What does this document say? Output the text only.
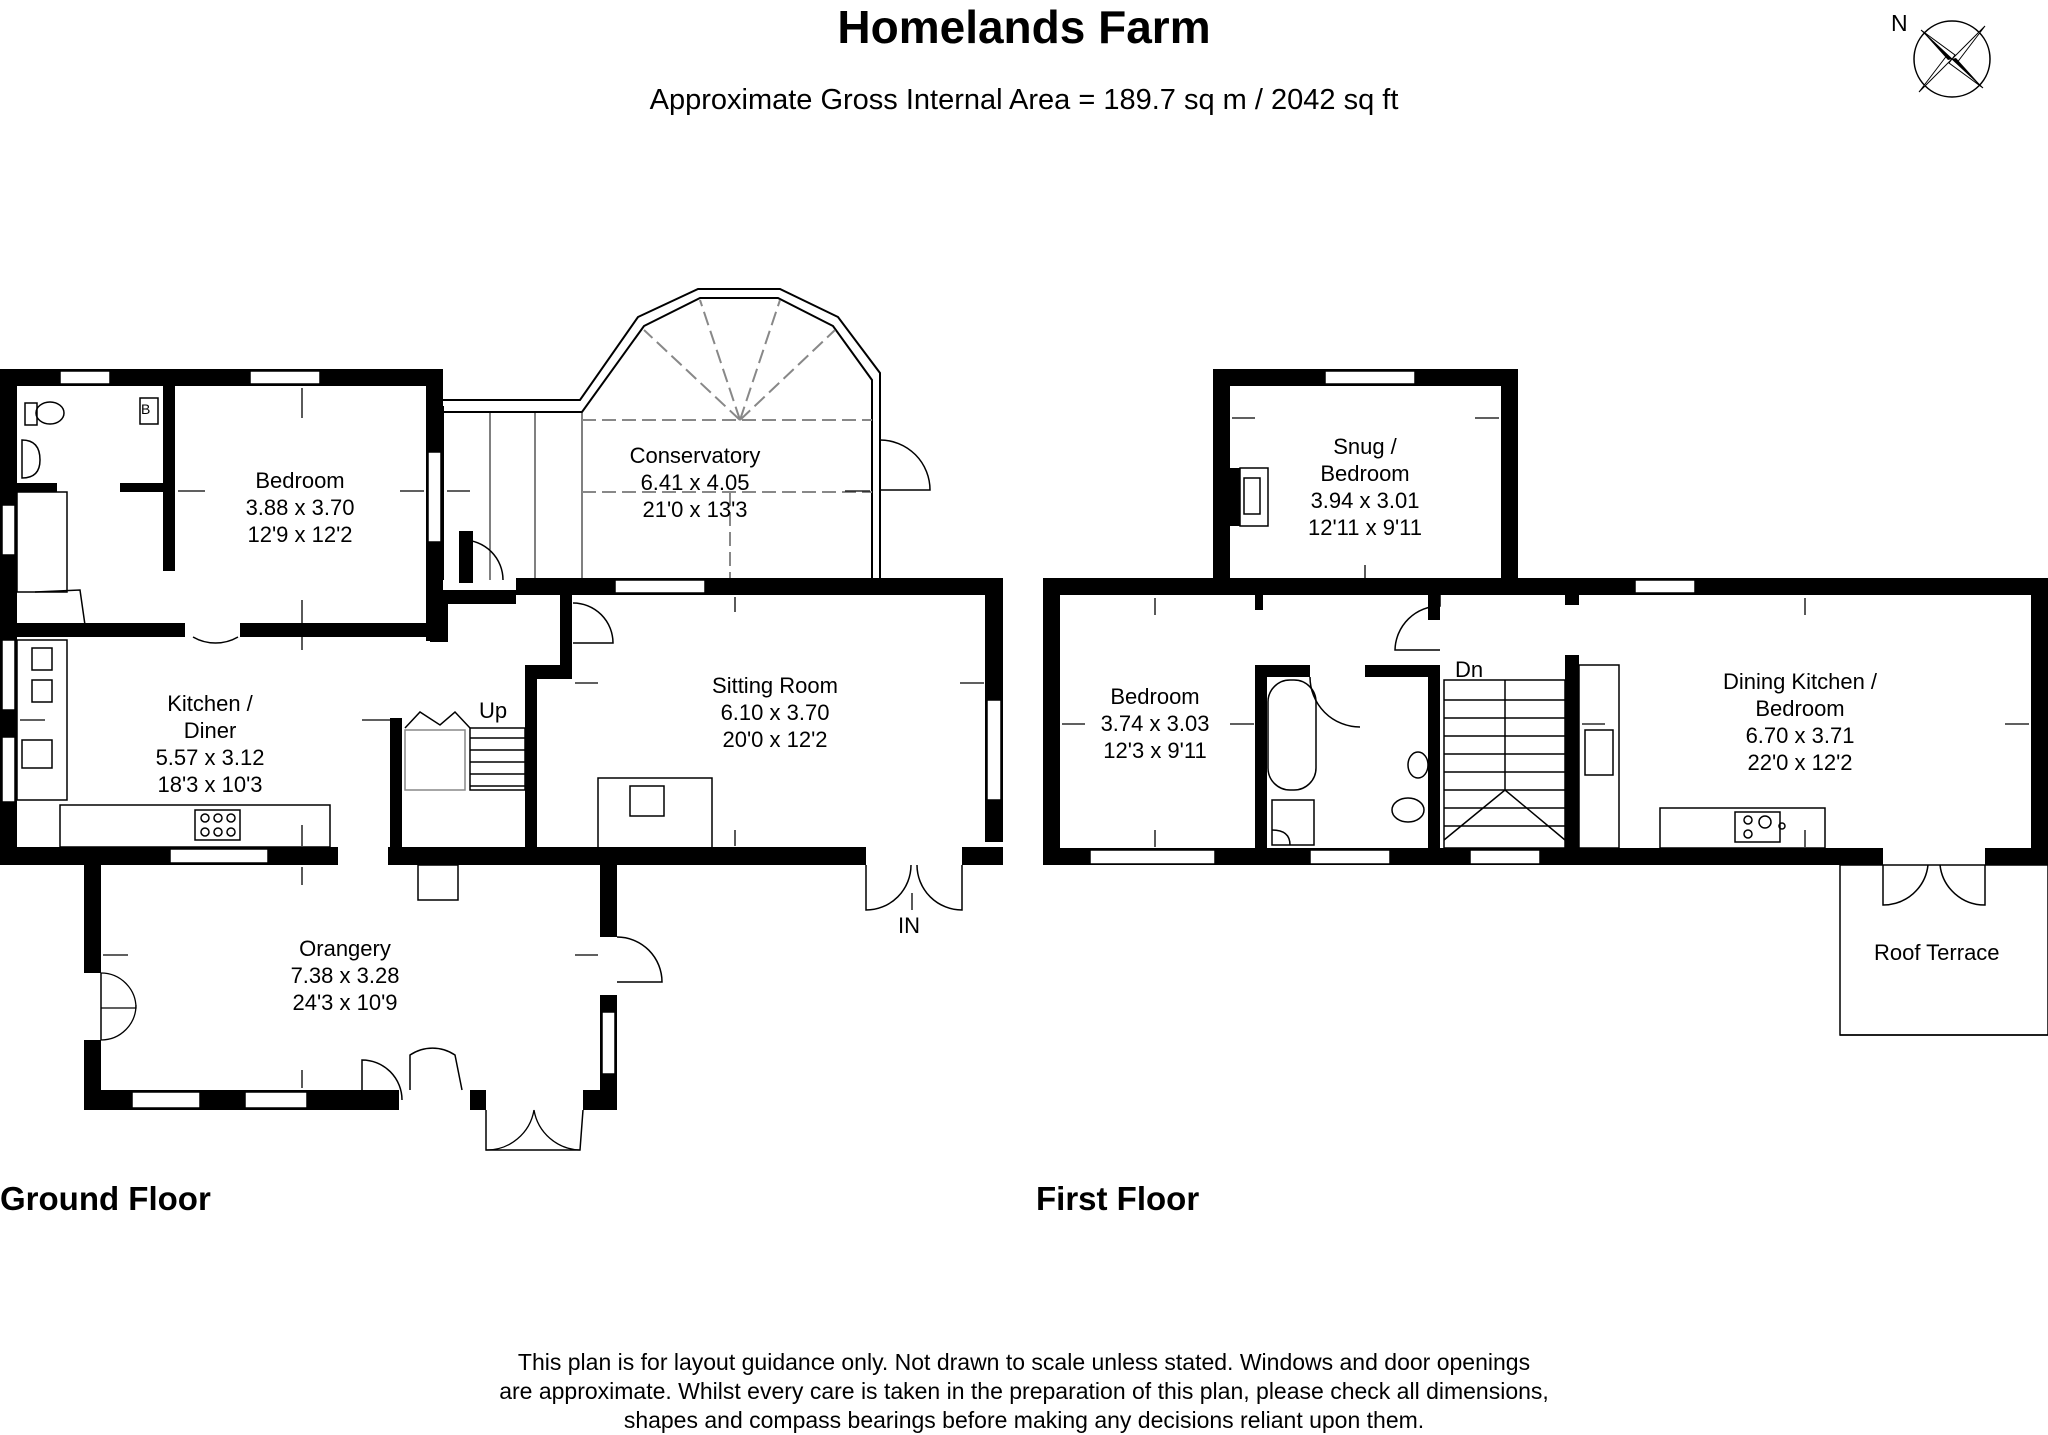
Homelands Farm
Approximate Gross Internal Area = 189.7 sq m / 2042 sq ft
N
Bedroom
3.88 x 3.70
12'9 x 12'2
Conservatory
6.41 x 4.05
21'0 x 13'3
Sitting Room
6.10 x 3.70
20'0 x 12'2
Kitchen /
Diner
5.57 x 3.12
18'3 x 10'3
Orangery
7.38 x 3.28
24'3 x 10'9
B
Up
IN
Snug /
Bedroom
3.94 x 3.01
12'11 x 9'11
Bedroom
3.74 x 3.03
12'3 x 9'11
Dining Kitchen /
Bedroom
6.70 x 3.71
22'0 x 12'2
Roof Terrace
Dn
Ground Floor	First Floor
This plan is for layout guidance only. Not drawn to scale unless stated. Windows and door openings
are approximate. Whilst every care is taken in the preparation of this plan, please check all dimensions,
shapes and compass bearings before making any decisions reliant upon them.
